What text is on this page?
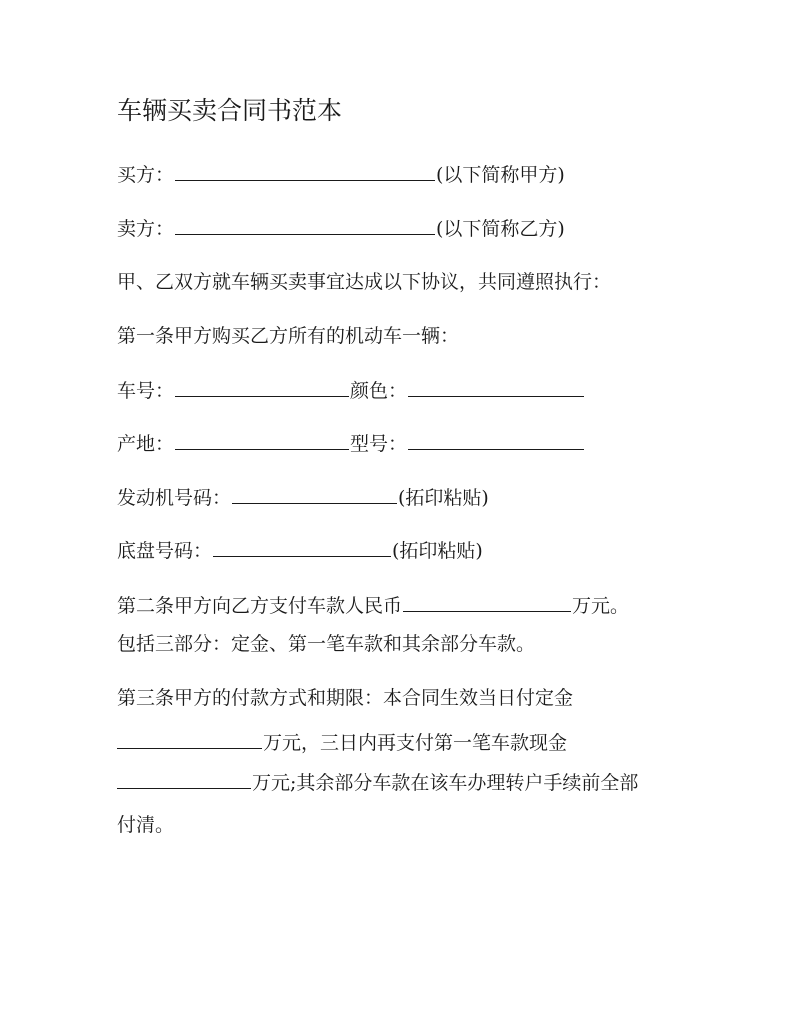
车辆买卖合同书范本
买方：	(以下简称甲方)
卖方：	(以下简称乙方)
甲、乙双方就车辆买卖事宜达成以下协议，共同遵照执行：
第一条甲方购买乙方所有的机动车一辆：
车号：	颜色：
产地：	型号：
发动机号码：	(拓印粘贴)
底盘号码：	(拓印粘贴)
第二条甲方向乙方支付车款人民币	万元。
包括三部分：定金、第一笔车款和其余部分车款。
第三条甲方的付款方式和期限：本合同生效当日付定金
万元，三日内再支付第一笔车款现金
万元;其余部分车款在该车办理转户手续前全部
付清。
